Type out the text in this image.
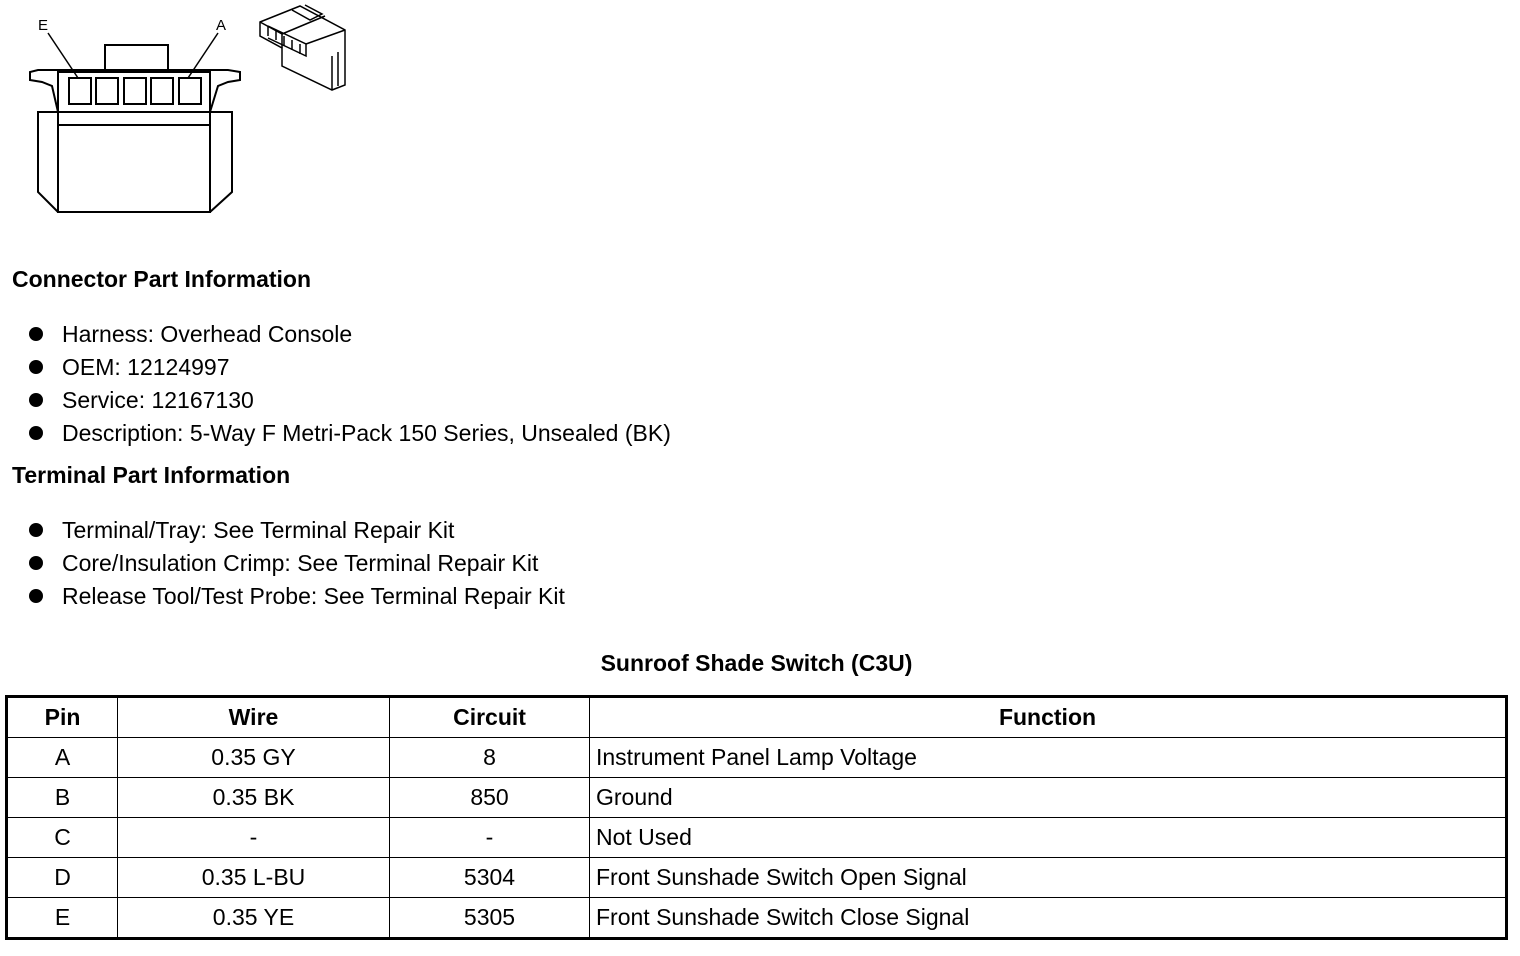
E	A
Connector Part Information
Harness: Overhead Console
OEM: 12124997
Service: 12167130
Description: 5-Way F Metri-Pack 150 Series, Unsealed (BK)
Terminal Part Information
Terminal/Tray: See Terminal Repair Kit
Core/Insulation Crimp: See Terminal Repair Kit
Release Tool/Test Probe: See Terminal Repair Kit
Sunroof Shade Switch (C3U)
Pin	Wire	Circuit	Function
A	0.35 GY	8	Instrument Panel Lamp Voltage
B	0.35 BK	850	Ground
C	-	-	Not Used
D	0.35 L-BU	5304	Front Sunshade Switch Open Signal
E	0.35 YE	5305	Front Sunshade Switch Close Signal
